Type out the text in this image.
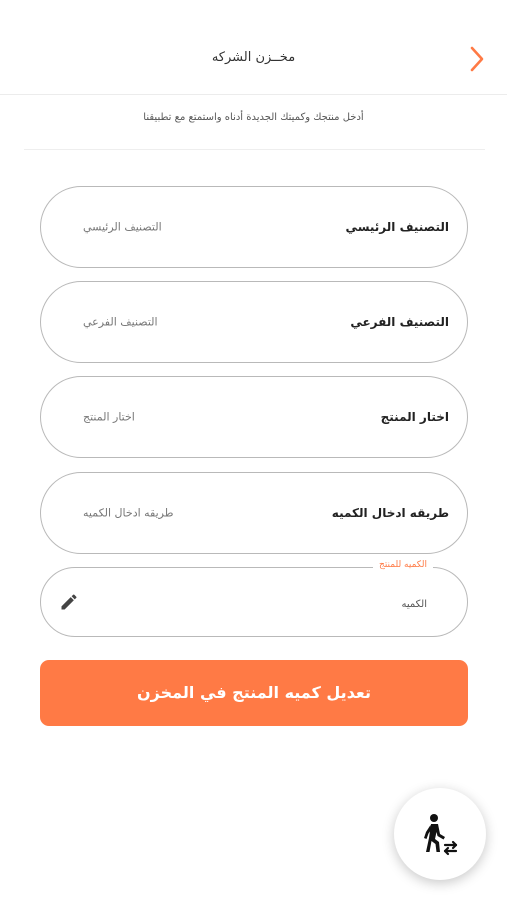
مخــزن الشركه
أدخل منتجك وكميتك الجديدة أدناه واستمتع مع تطبيقنا
التصنيف الرئيسي
التصنيف الرئيسي
التصنيف الفرعي
التصنيف الفرعي
اختار المنتج
اختار المنتج
طريقه ادخال الكميه
طريقه ادخال الكميه
الكميه للمنتج
الكميه
تعديل كميه المنتج في المخزن
